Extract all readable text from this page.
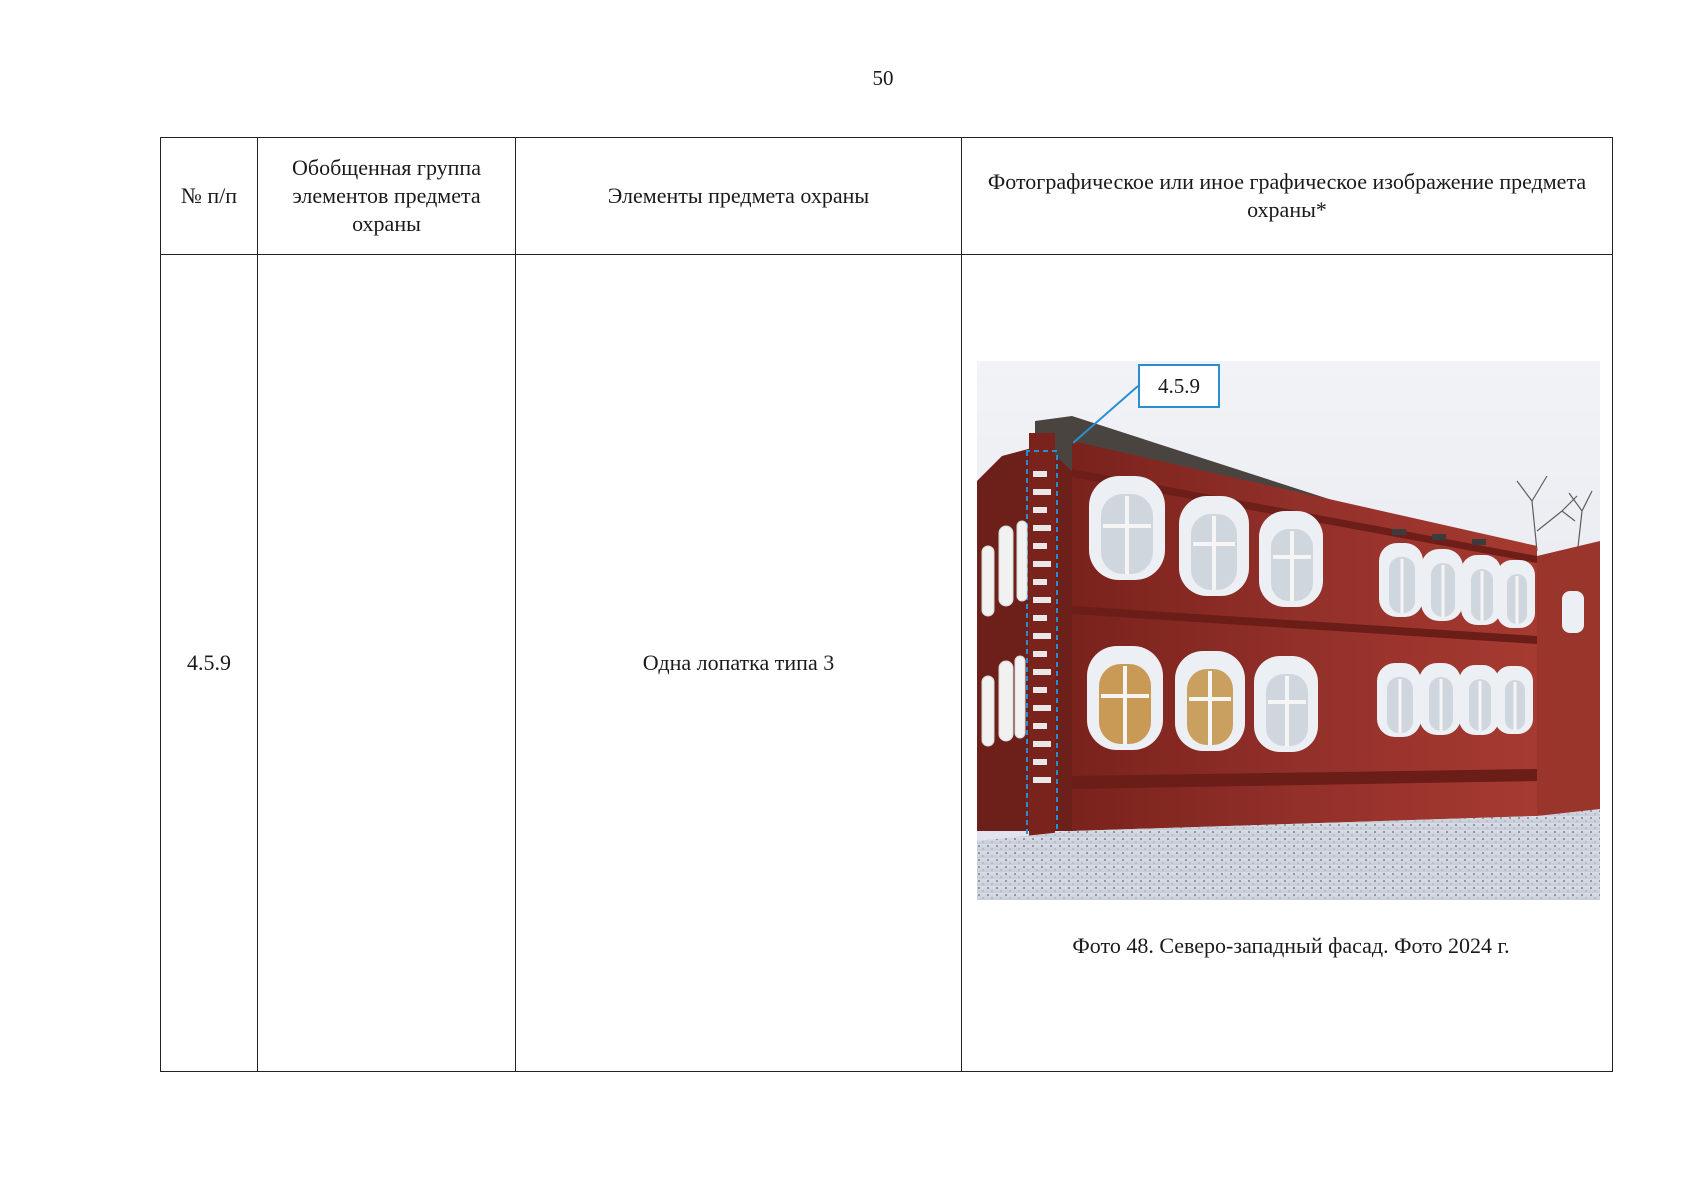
50
№ п/п	Обобщенная группа элементов предмета охраны	Элементы предмета охраны	Фотографическое или иное графическое изображение предмета охраны*
4.5.9		Одна лопатка типа 3	4.5.9
Фото 48. Северо-западный фасад. Фото 2024 г.
